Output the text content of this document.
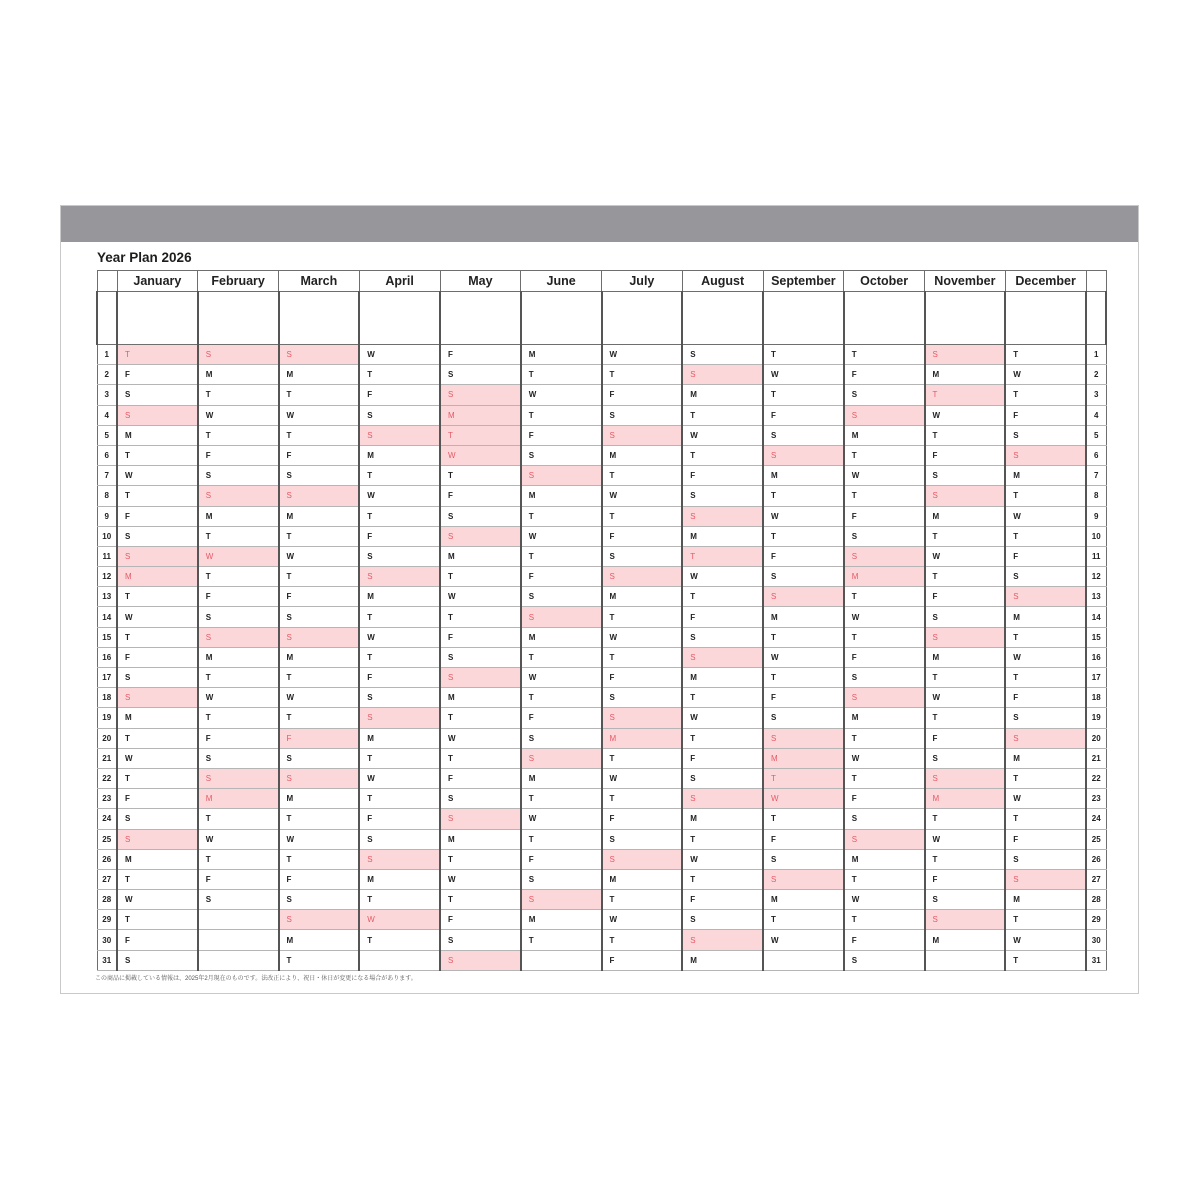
Year Plan 2026
	January	February	March	April	May	June	July	August	September	October	November	December	

1	T	S	S	W	F	M	W	S	T	T	S	T	1
2	F	M	M	T	S	T	T	S	W	F	M	W	2
3	S	T	T	F	S	W	F	M	T	S	T	T	3
4	S	W	W	S	M	T	S	T	F	S	W	F	4
5	M	T	T	S	T	F	S	W	S	M	T	S	5
6	T	F	F	M	W	S	M	T	S	T	F	S	6
7	W	S	S	T	T	S	T	F	M	W	S	M	7
8	T	S	S	W	F	M	W	S	T	T	S	T	8
9	F	M	M	T	S	T	T	S	W	F	M	W	9
10	S	T	T	F	S	W	F	M	T	S	T	T	10
11	S	W	W	S	M	T	S	T	F	S	W	F	11
12	M	T	T	S	T	F	S	W	S	M	T	S	12
13	T	F	F	M	W	S	M	T	S	T	F	S	13
14	W	S	S	T	T	S	T	F	M	W	S	M	14
15	T	S	S	W	F	M	W	S	T	T	S	T	15
16	F	M	M	T	S	T	T	S	W	F	M	W	16
17	S	T	T	F	S	W	F	M	T	S	T	T	17
18	S	W	W	S	M	T	S	T	F	S	W	F	18
19	M	T	T	S	T	F	S	W	S	M	T	S	19
20	T	F	F	M	W	S	M	T	S	T	F	S	20
21	W	S	S	T	T	S	T	F	M	W	S	M	21
22	T	S	S	W	F	M	W	S	T	T	S	T	22
23	F	M	M	T	S	T	T	S	W	F	M	W	23
24	S	T	T	F	S	W	F	M	T	S	T	T	24
25	S	W	W	S	M	T	S	T	F	S	W	F	25
26	M	T	T	S	T	F	S	W	S	M	T	S	26
27	T	F	F	M	W	S	M	T	S	T	F	S	27
28	W	S	S	T	T	S	T	F	M	W	S	M	28
29	T		S	W	F	M	W	S	T	T	S	T	29
30	F		M	T	S	T	T	S	W	F	M	W	30
31	S		T		S		F	M		S		T	31
この商品に掲載している情報は、2025年2月現在のものです。法改正により、祝日・休日が変更になる場合があります。
